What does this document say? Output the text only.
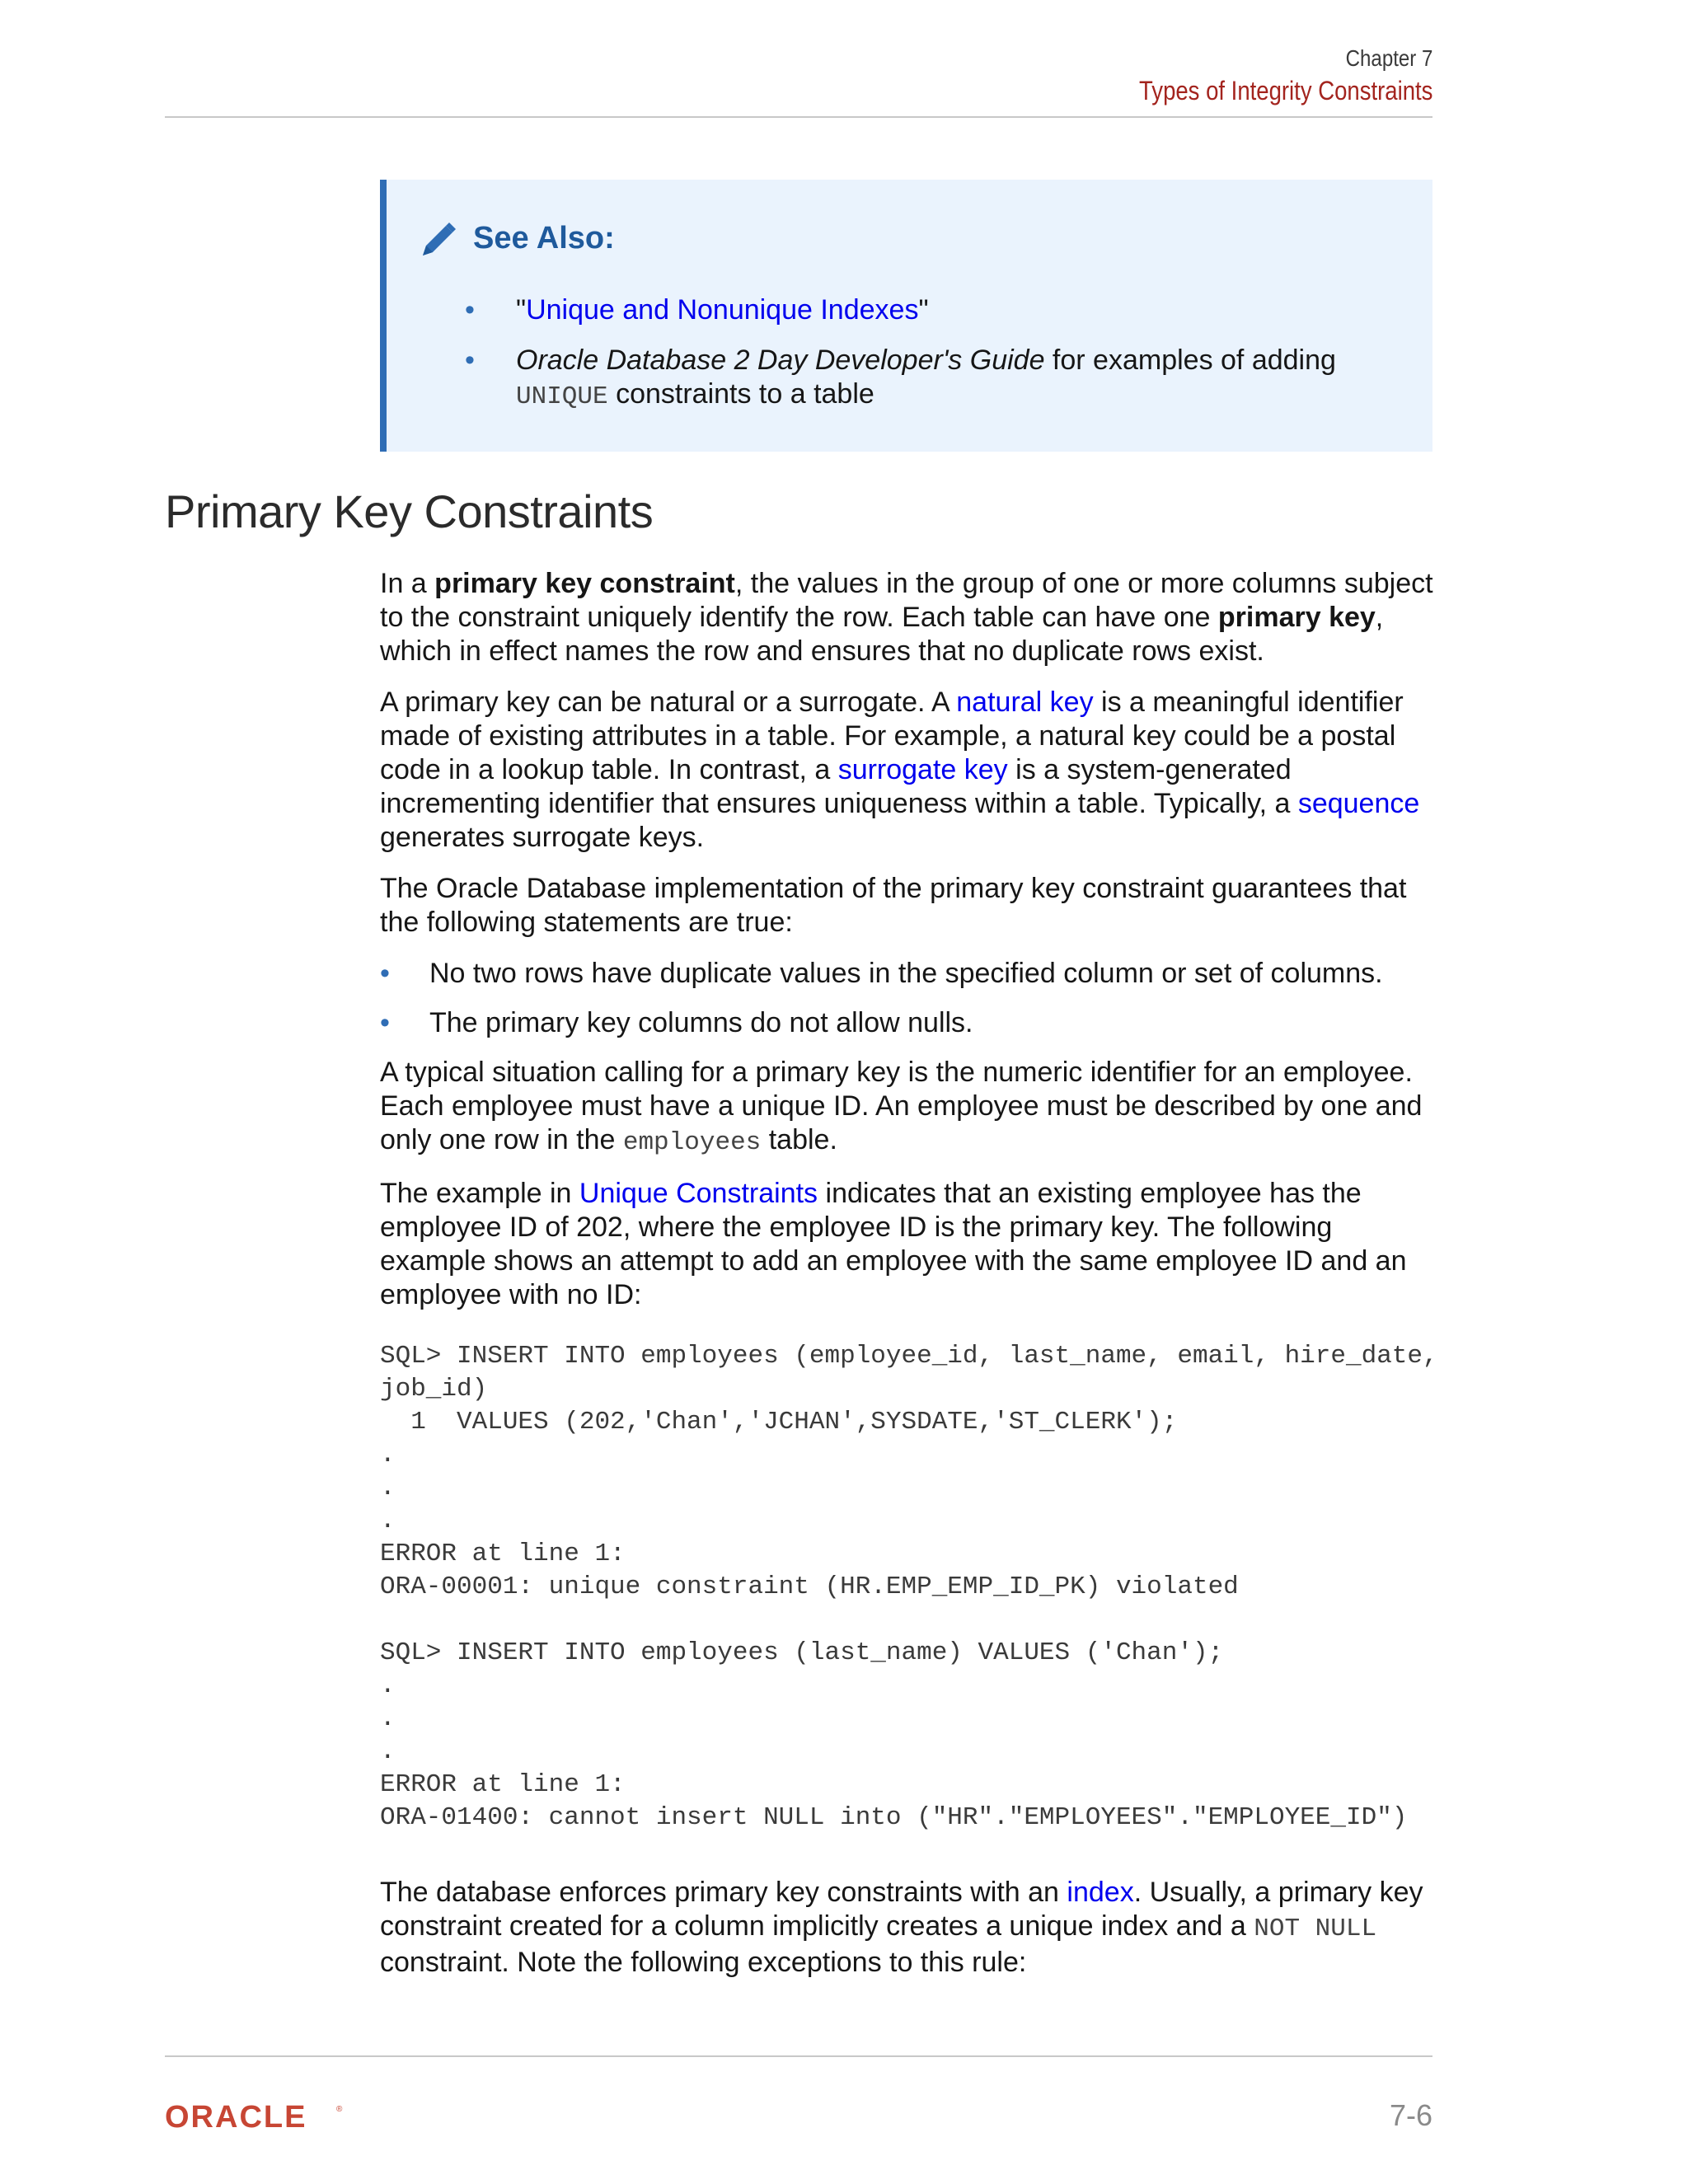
Chapter 7
Types of Integrity Constraints
See Also:
• "Unique and Nonunique Indexes"
• Oracle Database 2 Day Developer's Guide for examples of adding
UNIQUE constraints to a table
Primary Key Constraints

In a primary key constraint, the values in the group of one or more columns subject to the constraint uniquely identify the row. Each table can have one primary key, which in effect names the row and ensures that no duplicate rows exist.

A primary key can be natural or a surrogate. A natural key is a meaningful identifier made of existing attributes in a table. For example, a natural key could be a postal code in a lookup table. In contrast, a surrogate key is a system-generated incrementing identifier that ensures uniqueness within a table. Typically, a sequence generates surrogate keys.

The Oracle Database implementation of the primary key constraint guarantees that the following statements are true:

• No two rows have duplicate values in the specified column or set of columns.
• The primary key columns do not allow nulls.

A typical situation calling for a primary key is the numeric identifier for an employee. Each employee must have a unique ID. An employee must be described by one and only one row in the employees table.

The example in Unique Constraints indicates that an existing employee has the employee ID of 202, where the employee ID is the primary key. The following example shows an attempt to add an employee with the same employee ID and an employee with no ID:

SQL> INSERT INTO employees (employee_id, last_name, email, hire_date,
job_id)
1  VALUES (202,'Chan','JCHAN',SYSDATE,'ST_CLERK');
.
.
.
ERROR at line 1:
ORA-00001: unique constraint (HR.EMP_EMP_ID_PK) violated

SQL> INSERT INTO employees (last_name) VALUES ('Chan');
.
.
.
ERROR at line 1:
ORA-01400: cannot insert NULL into ("HR"."EMPLOYEES"."EMPLOYEE_ID")

The database enforces primary key constraints with an index. Usually, a primary key constraint created for a column implicitly creates a unique index and a NOT NULL constraint. Note the following exceptions to this rule:

ORACLE	®	7-6
